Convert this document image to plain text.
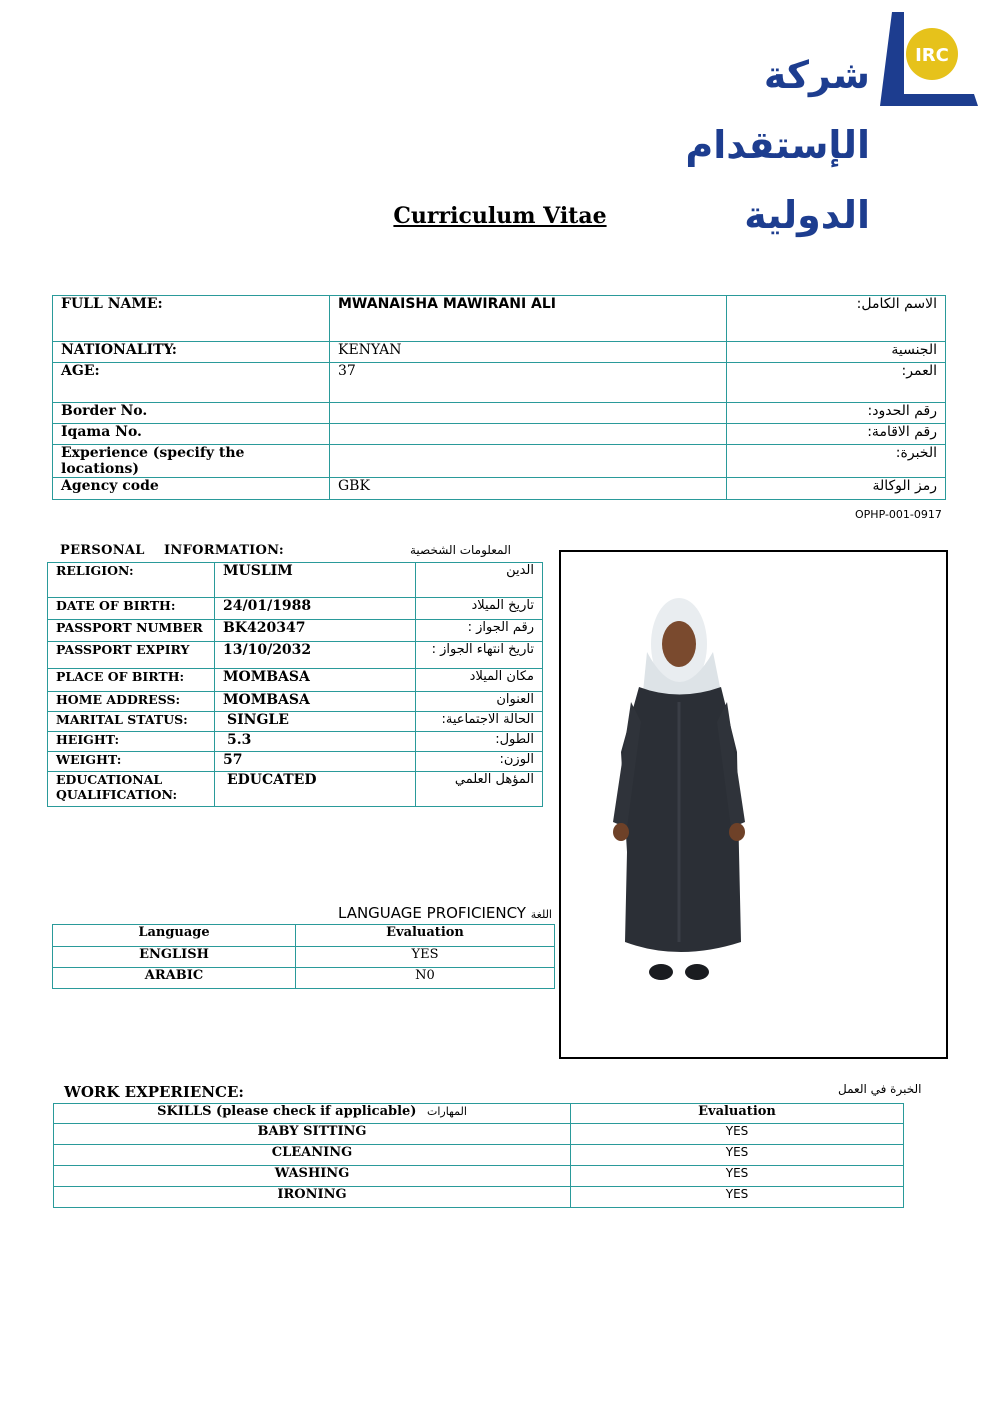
شركة الإستقدام الدولية
IRC
Curriculum Vitae
FULL NAME:	MWANAISHA MAWIRANI ALI	الاسم الكامل:
NATIONALITY:	KENYAN	الجنسية
AGE:	37	العمر:
Border No.		رقم الحدود:
Iqama No.		رقم الاقامة:
Experience (specify the locations)		الخبرة:
Agency code	GBK	رمز الوكالة
OPHP-001-0917
PERSONAL    INFORMATION:	المعلومات الشخصية
RELIGION:	MUSLIM	الدين
DATE OF BIRTH:	24/01/1988	تاريخ الميلاد
PASSPORT NUMBER	BK420347	رقم الجواز :
PASSPORT EXPIRY	13/10/2032	تاريخ انتهاء الجواز :
PLACE OF BIRTH:	MOMBASA	مكان الميلاد
HOME ADDRESS:	MOMBASA	العنوان
MARITAL STATUS:	SINGLE	الحالة الاجتماعية:
HEIGHT:	5.3	الطول:
WEIGHT:	57	الوزن:
EDUCATIONAL QUALIFICATION:	EDUCATED	المؤهل العلمي
LANGUAGE PROFICIENCY اللغة
Language	Evaluation
ENGLISH	YES
ARABIC	N0
WORK EXPERIENCE:	الخبرة في العمل
SKILLS (please check if applicable) المهارات	Evaluation
BABY SITTING	YES
CLEANING	YES
WASHING	YES
IRONING	YES
